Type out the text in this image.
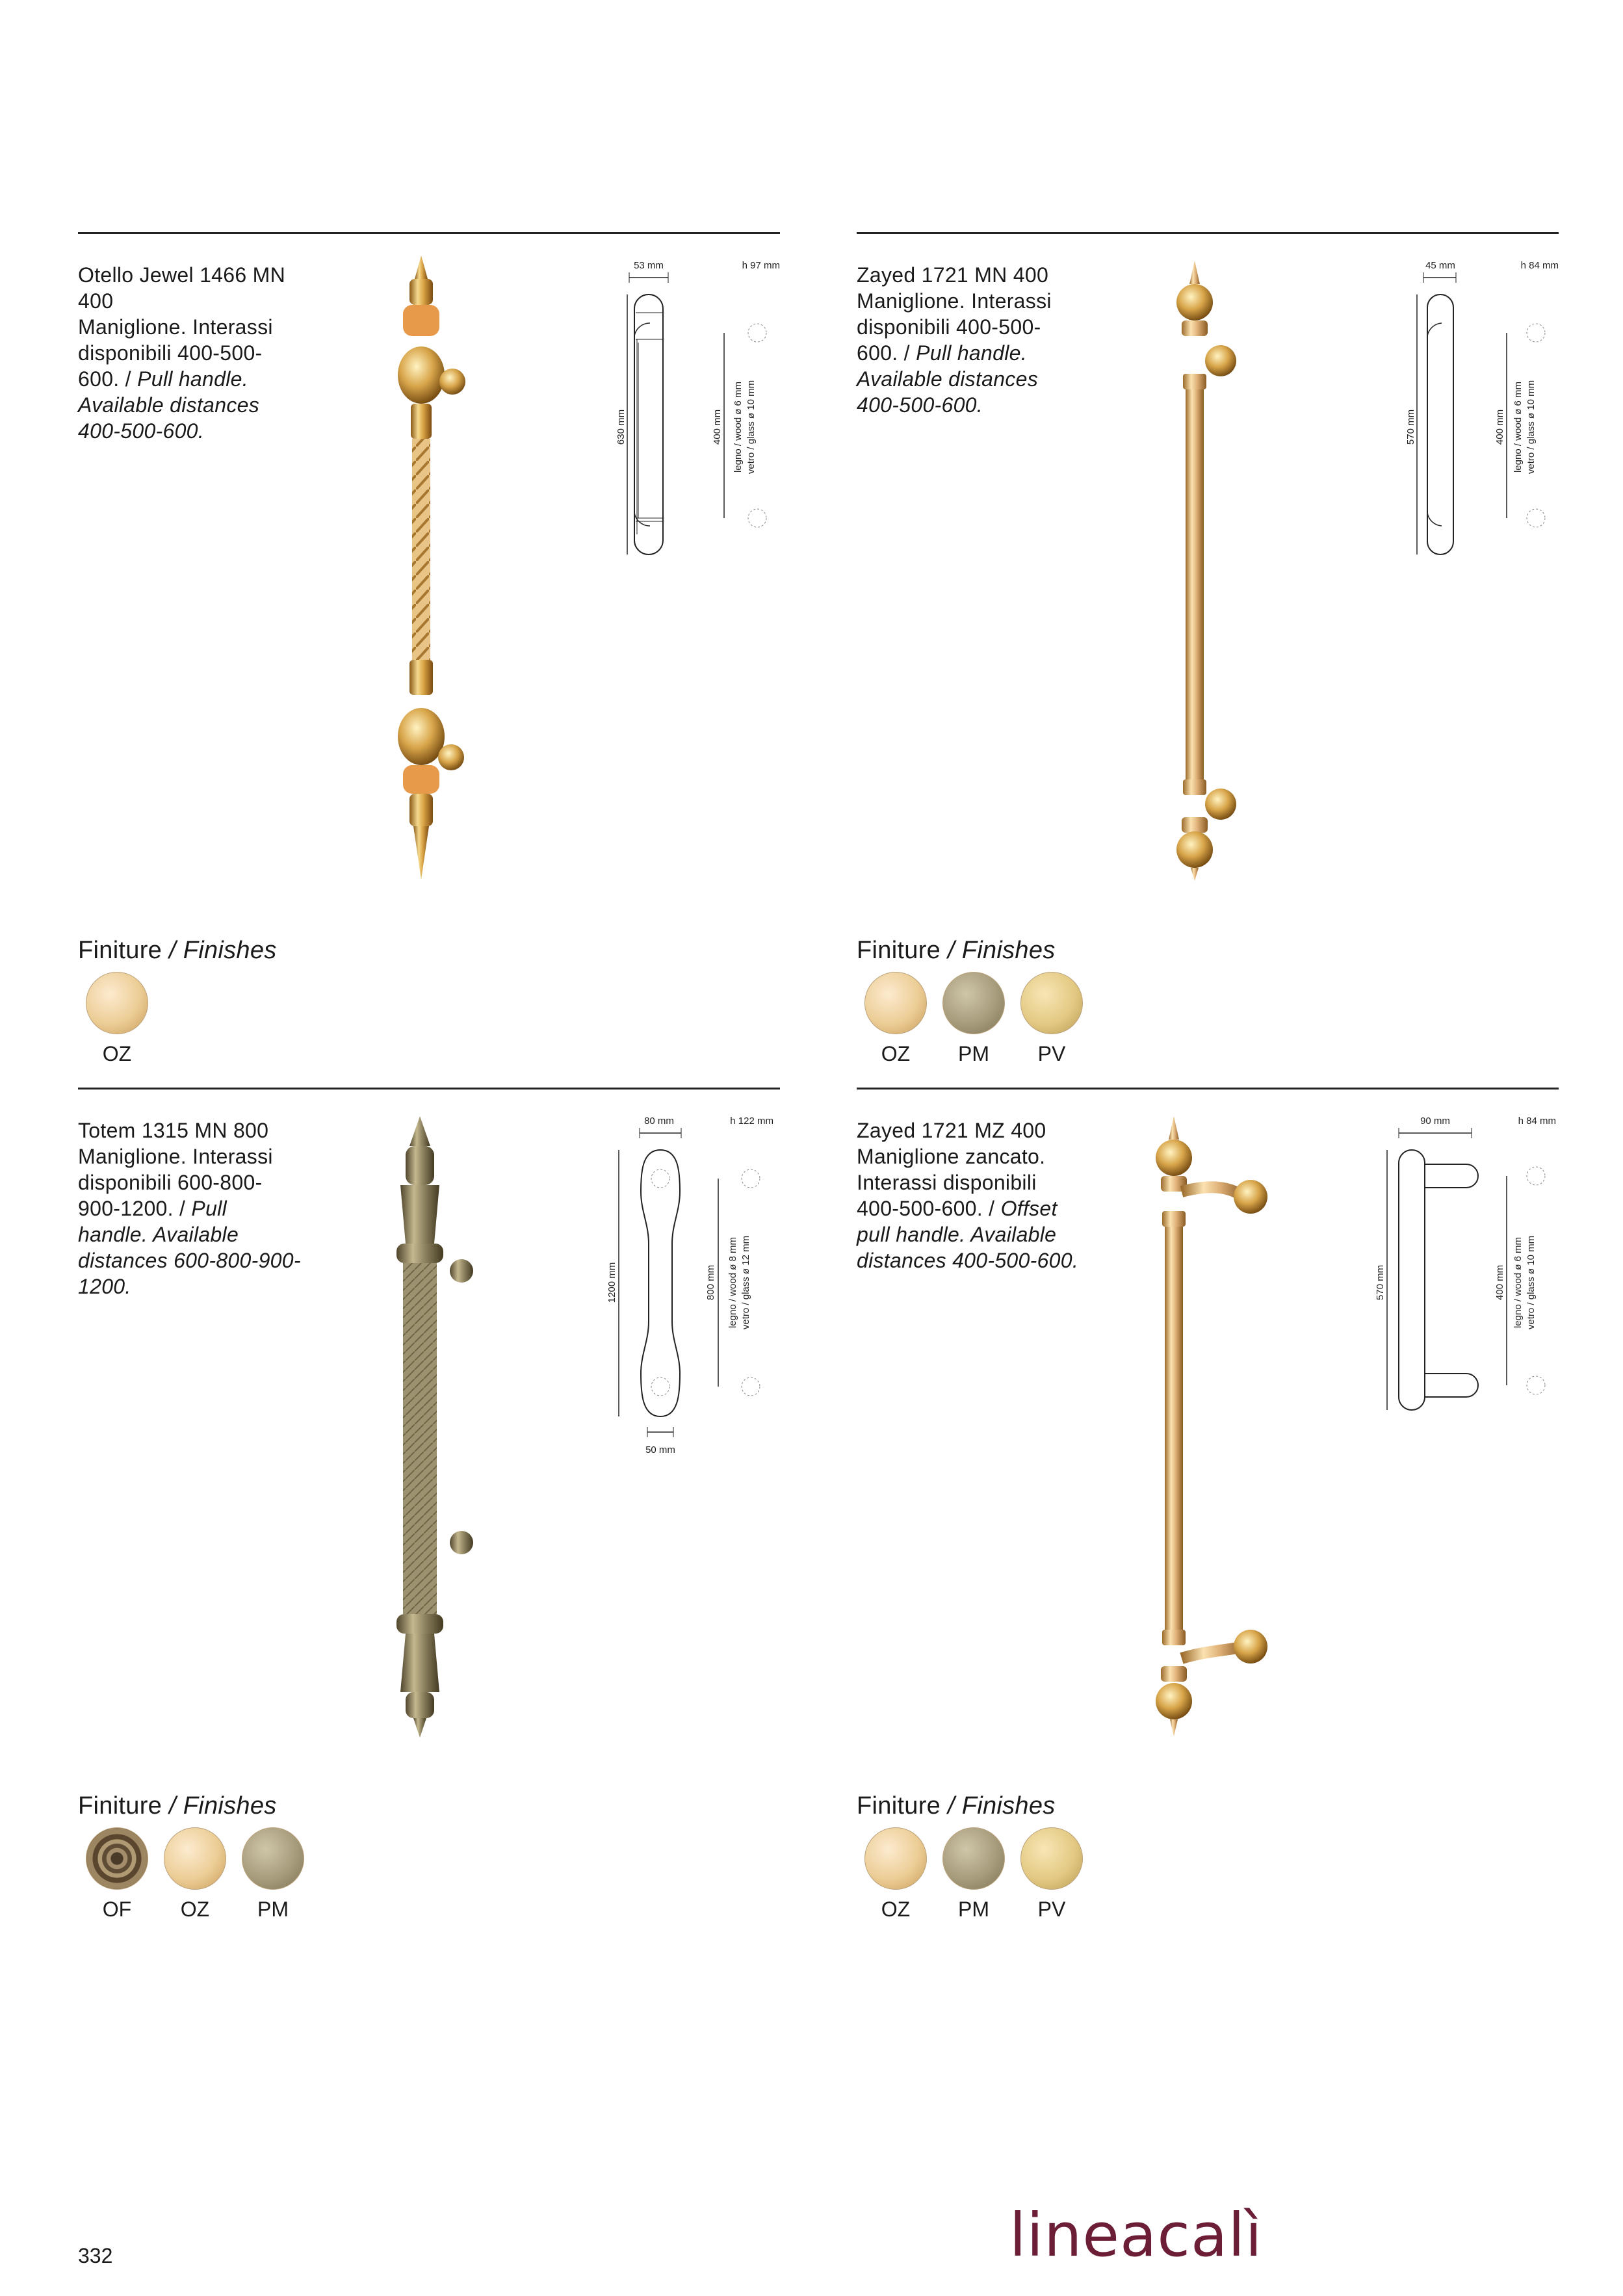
Otello Jewel 1466 MN 400
Maniglione. Interassi disponibili 400-500-600. / Pull handle. Available distances 400-500-600.
53 mm	h 97 mm
630 mm	400 mm legno / wood ø 6 mm vetro / glass ø 10 mm
Finiture / Finishes
OZ
Zayed 1721 MN 400
Maniglione. Interassi disponibili 400-500-600. / Pull handle. Available distances 400-500-600.
45 mm	h 84 mm
570 mm	400 mm legno / wood ø 6 mm vetro / glass ø 10 mm
Finiture / Finishes
OZ PM PV
Totem 1315 MN 800
Maniglione. Interassi disponibili 600-800-900-1200. / Pull handle. Available distances 600-800-900-1200.
80 mm	h 122 mm
1200 mm	800 mm legno / wood ø 8 mm vetro / glass ø 12 mm
50 mm
Finiture / Finishes
OF OZ PM
Zayed 1721 MZ 400
Maniglione zancato. Interassi disponibili 400-500-600. / Offset pull handle. Available distances 400-500-600.
90 mm	h 84 mm
570 mm	400 mm legno / wood ø 6 mm vetro / glass ø 10 mm
Finiture / Finishes
OZ PM PV
332	lineacalì
